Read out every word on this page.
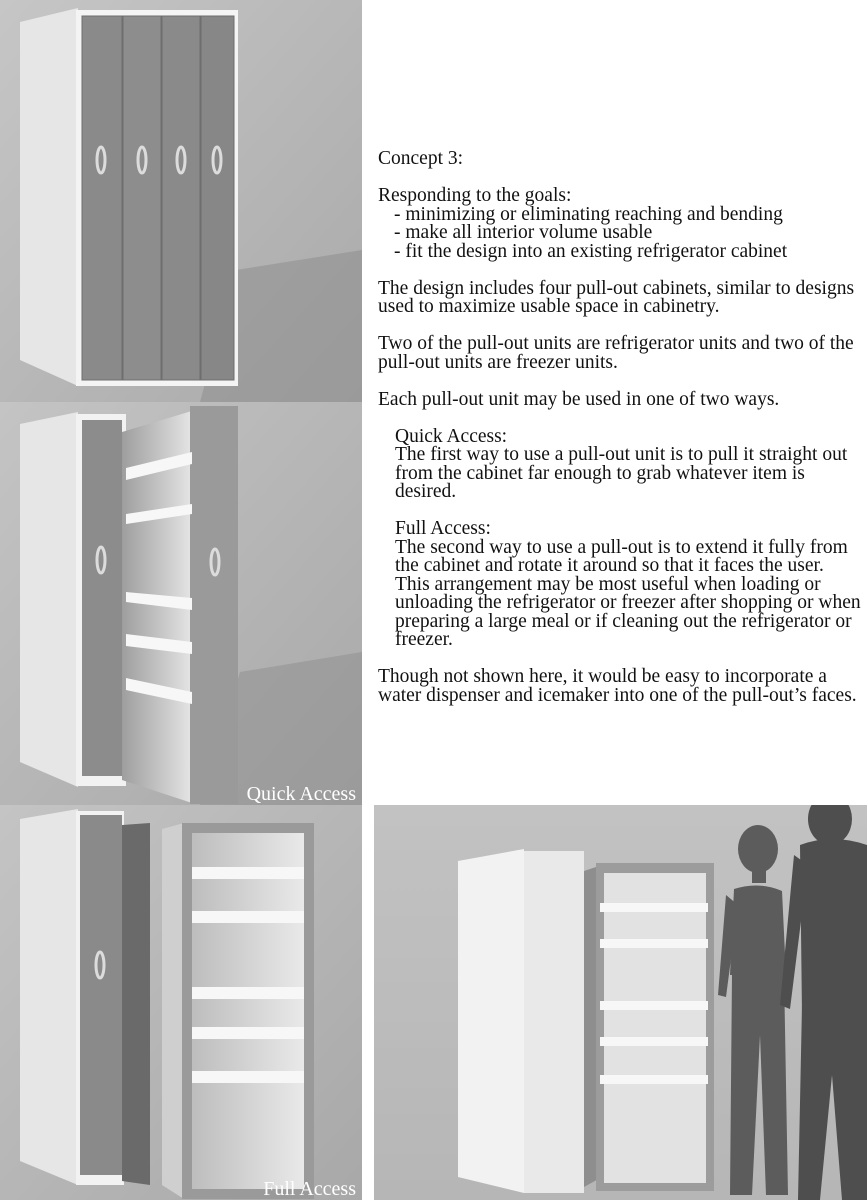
Quick Access
Full Access

Concept 3:

Responding to the goals:
- minimizing or eliminating reaching and bending
- make all interior volume usable
- fit the design into an existing refrigerator cabinet

The design includes four pull-out cabinets, similar to designs used to maximize usable space in cabinetry.

Two of the pull-out units are refrigerator units and two of the pull-out units are freezer units.

Each pull-out unit may be used in one of two ways.

Quick Access:
The first way to use a pull-out unit is to pull it straight out from the cabinet far enough to grab whatever item is desired.
Full Access:
The second way to use a pull-out is to extend it fully from the cabinet and rotate it around so that it faces the user. This arrangement may be most useful when loading or unloading the refrigerator or freezer after shopping or when preparing a large meal or if cleaning out the refrigerator or freezer.

Though not shown here, it would be easy to incorporate a water dispenser and icemaker into one of the pull-out’s faces.
